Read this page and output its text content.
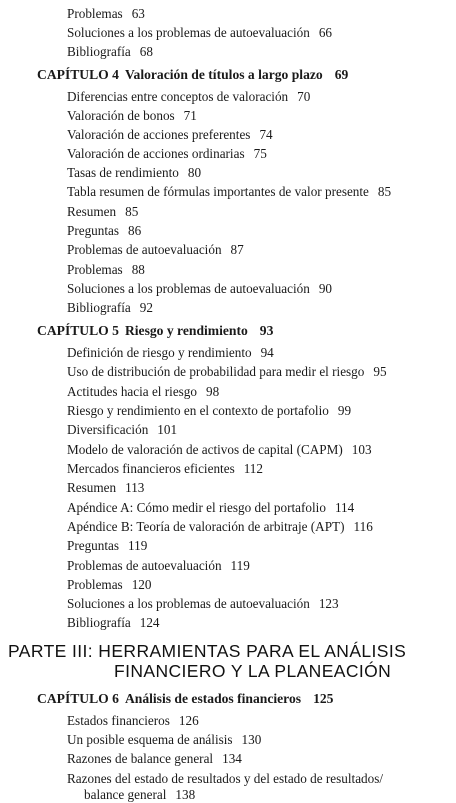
Problemas 63
Soluciones a los problemas de autoevaluación 66
Bibliografía 68
CAPÍTULO 4 Valoración de títulos a largo plazo 69
Diferencias entre conceptos de valoración 70
Valoración de bonos 71
Valoración de acciones preferentes 74
Valoración de acciones ordinarias 75
Tasas de rendimiento 80
Tabla resumen de fórmulas importantes de valor presente 85
Resumen 85
Preguntas 86
Problemas de autoevaluación 87
Problemas 88
Soluciones a los problemas de autoevaluación 90
Bibliografía 92
CAPÍTULO 5 Riesgo y rendimiento 93
Definición de riesgo y rendimiento 94
Uso de distribución de probabilidad para medir el riesgo 95
Actitudes hacia el riesgo 98
Riesgo y rendimiento en el contexto de portafolio 99
Diversificación 101
Modelo de valoración de activos de capital (CAPM) 103
Mercados financieros eficientes 112
Resumen 113
Apéndice A: Cómo medir el riesgo del portafolio 114
Apéndice B: Teoría de valoración de arbitraje (APT) 116
Preguntas 119
Problemas de autoevaluación 119
Problemas 120
Soluciones a los problemas de autoevaluación 123
Bibliografía 124
PARTE III: HERRAMIENTAS PARA EL ANÁLISIS
FINANCIERO Y LA PLANEACIÓN
CAPÍTULO 6 Análisis de estados financieros 125
Estados financieros 126
Un posible esquema de análisis 130
Razones de balance general 134
Razones del estado de resultados y del estado de resultados/
balance general 138
